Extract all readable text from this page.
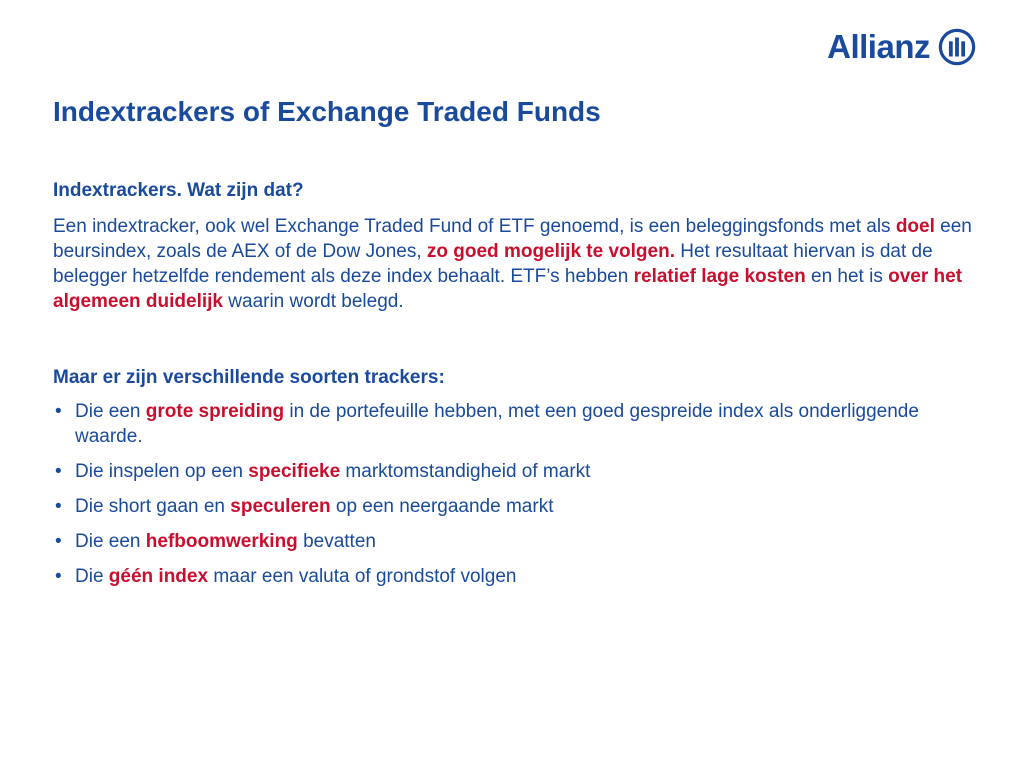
Allianz
Indextrackers of Exchange Traded Funds

Indextrackers. Wat zijn dat?

Een indextracker, ook wel Exchange Traded Fund of ETF genoemd, is een beleggingsfonds met als doel een beursindex, zoals de AEX of de Dow Jones, zo goed mogelijk te volgen. Het resultaat hiervan is dat de belegger hetzelfde rendement als deze index behaalt. ETF’s hebben relatief lage kosten en het is over het algemeen duidelijk waarin wordt belegd.

Maar er zijn verschillende soorten trackers:

• Die een grote spreiding in de portefeuille hebben, met een goed gespreide index als onderliggende waarde.
• Die inspelen op een specifieke marktomstandigheid of markt
• Die short gaan en speculeren op een neergaande markt
• Die een hefboomwerking bevatten
• Die géén index maar een valuta of grondstof volgen
